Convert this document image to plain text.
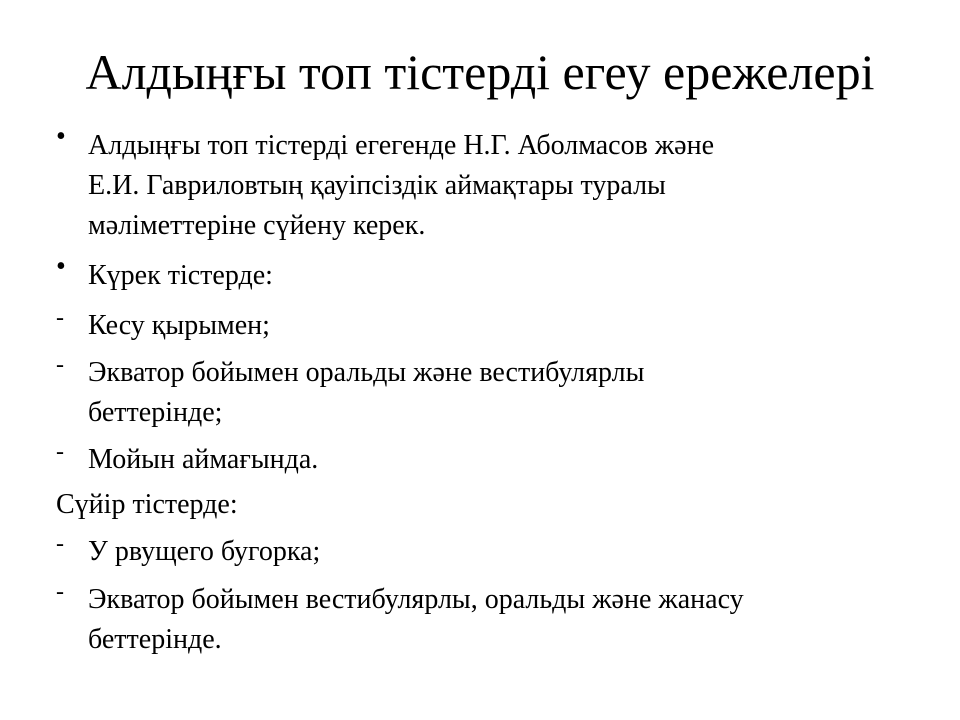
Алдыңғы топ тістерді егеу ережелері
• Алдыңғы топ тістерді егегенде Н.Г. Аболмасов және
Е.И. Гавриловтың қауіпсіздік аймақтары туралы
мәліметтеріне сүйену керек.
• Күрек тістерде:
- Кесу қырымен;
- Экватор бойымен оральды және вестибулярлы
беттерінде;
- Мойын аймағында.
Сүйір тістерде:
- У рвущего бугорка;
- Экватор бойымен вестибулярлы, оральды және жанасу
беттерінде.
